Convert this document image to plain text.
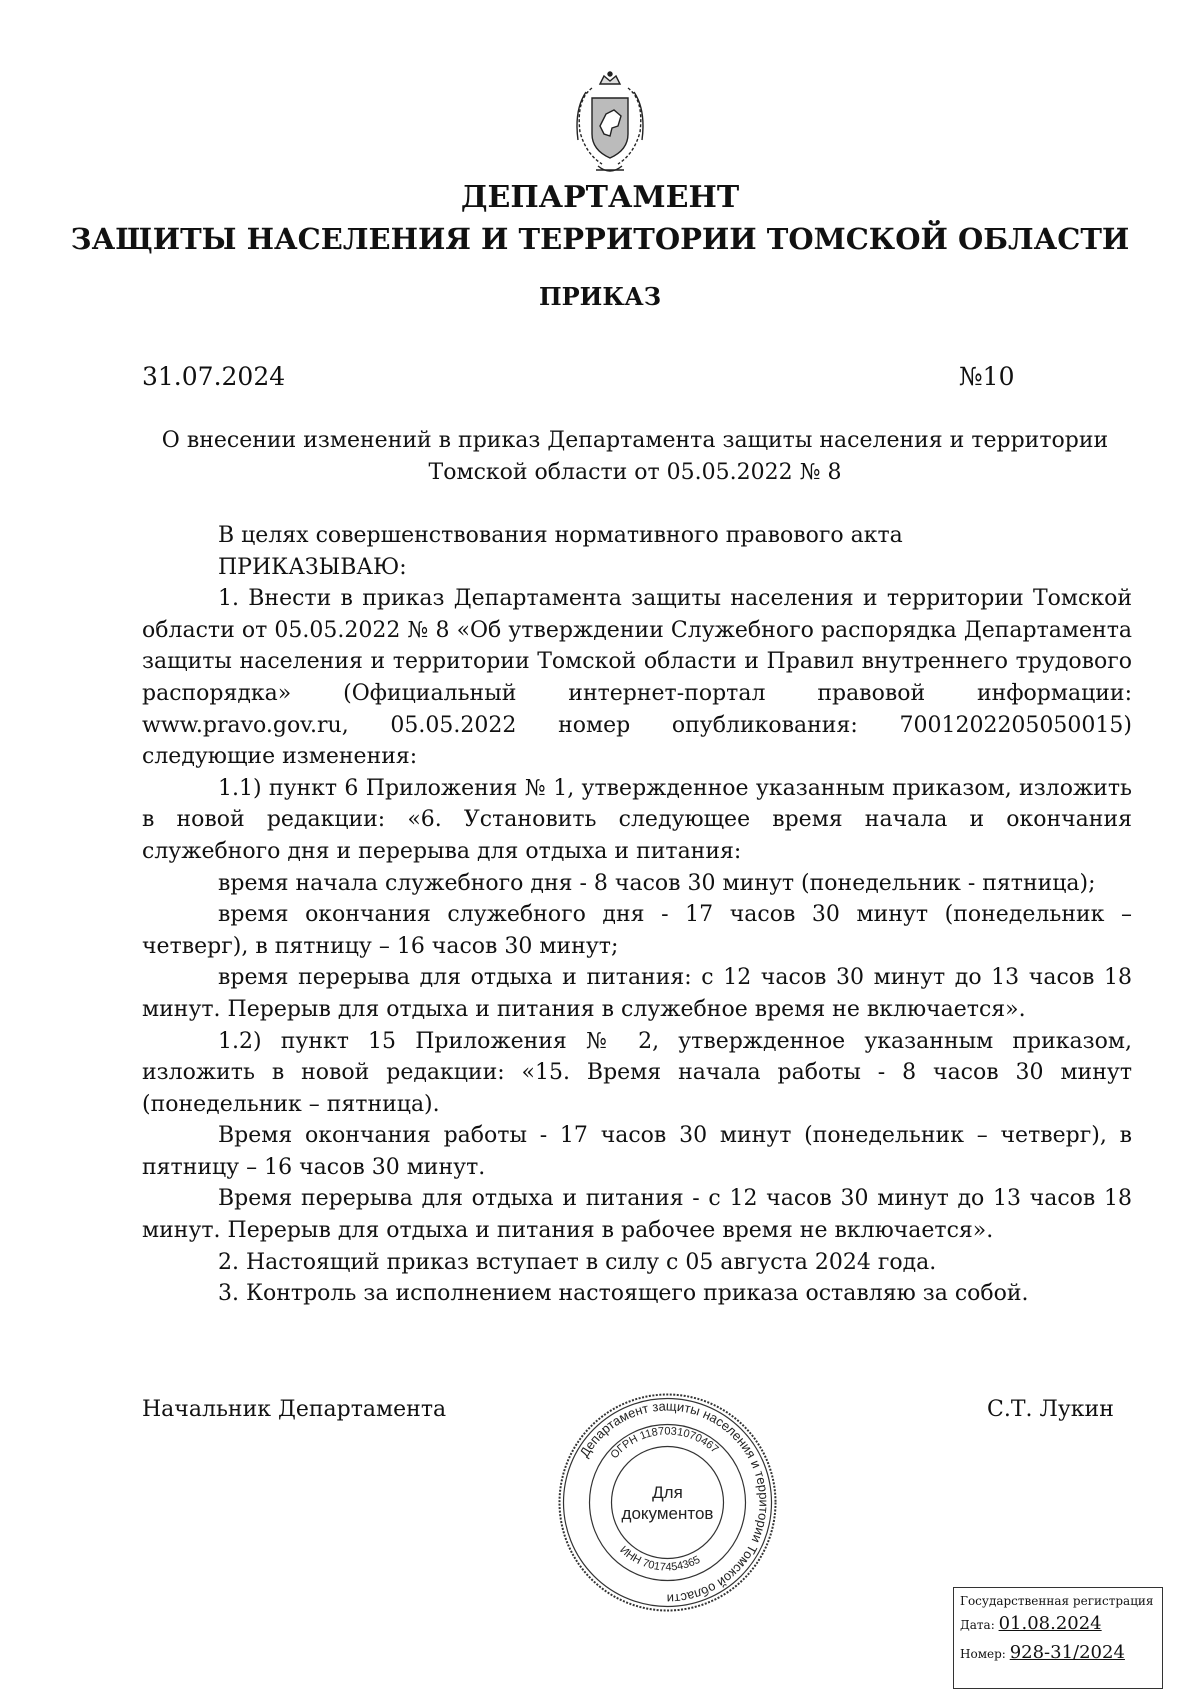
ДЕПАРТАМЕНТ
ЗАЩИТЫ НАСЕЛЕНИЯ И ТЕРРИТОРИИ ТОМСКОЙ ОБЛАСТИ
ПРИКАЗ
31.07.2024	№10
О внесении изменений в приказ Департамента защиты населения и территории
Томской области от 05.05.2022 № 8

В целях совершенствования нормативного правового акта

ПРИКАЗЫВАЮ:

1. Внести в приказ Департамента защиты населения и территории Томской области от 05.05.2022 № 8 «Об утверждении Служебного распорядка Департамента защиты населения и территории Томской области и Правил внутреннего трудового распорядка» (Официальный интернет-портал правовой информации: www.pravo.gov.ru, 05.05.2022 номер опубликования: 7001202205050015) следующие изменения:

1.1) пункт 6 Приложения № 1, утвержденное указанным приказом, изложить в новой редакции: «6. Установить следующее время начала и окончания служебного дня и перерыва для отдыха и питания:

время начала служебного дня - 8 часов 30 минут (понедельник - пятница);

время окончания служебного дня - 17 часов 30 минут (понедельник – четверг), в пятницу – 16 часов 30 минут;

время перерыва для отдыха и питания: с 12 часов 30 минут до 13 часов 18 минут. Перерыв для отдыха и питания в служебное время не включается».

1.2) пункт 15 Приложения № 2, утвержденное указанным приказом, изложить в новой редакции: «15. Время начала работы - 8 часов 30 минут (понедельник – пятница).

Время окончания работы - 17 часов 30 минут (понедельник – четверг), в пятницу – 16 часов 30 минут.

Время перерыва для отдыха и питания - с 12 часов 30 минут до 13 часов 18 минут. Перерыв для отдыха и питания в рабочее время не включается».

2. Настоящий приказ вступает в силу с 05 августа 2024 года.

3. Контроль за исполнением настоящего приказа оставляю за собой.

Начальник Департамента	С.Т. Лукин
Департамент защиты населения и территории Томской области
ОГРН 1187031070467
ИНН 7017454365
Для
документов
Государственная регистрация
Дата: 01.08.2024
Номер: 928-31/2024
